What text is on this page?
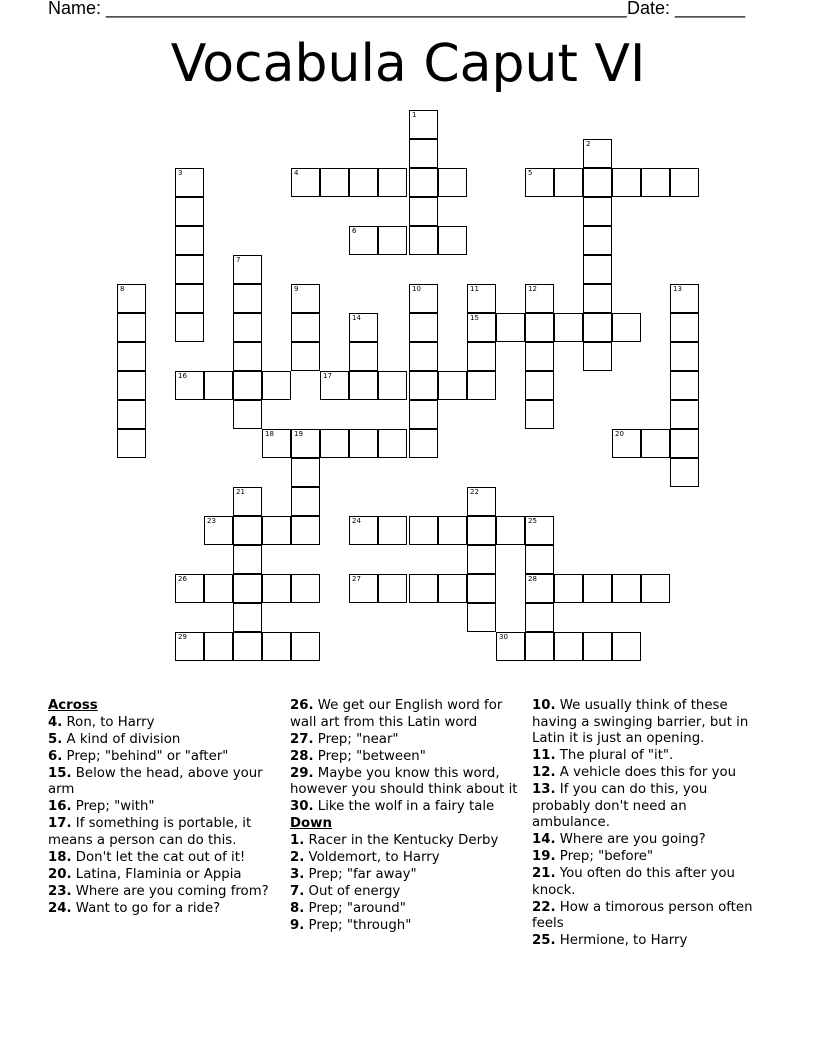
Name: ____________________________________________________ Date: _______
Vocabula Caput VI
1
2
3	4	5
6
7
8	9	10	11
15
12	13
14
16	17
18	19	20
21	22
23	24	25
28
26	27
29	30
Across
4. Ron, to Harry
5. A kind of division
6. Prep; "behind" or "after"
15. Below the head, above your arm
16. Prep; "with"
17. If something is portable, it means a person can do this.
18. Don't let the cat out of it!
20. Latina, Flaminia or Appia
23. Where are you coming from?
24. Want to go for a ride?
26. We get our English word for wall art from this Latin word
27. Prep; "near"
28. Prep; "between"
29. Maybe you know this word, however you should think about it
30. Like the wolf in a fairy tale
Down
1. Racer in the Kentucky Derby
2. Voldemort, to Harry
3. Prep; "far away"
7. Out of energy
8. Prep; "around"
9. Prep; "through"
10. We usually think of these having a swinging barrier, but in Latin it is just an opening.
11. The plural of "it".
12. A vehicle does this for you
13. If you can do this, you probably don't need an ambulance.
14. Where are you going?
19. Prep; "before"
21. You often do this after you knock.
22. How a timorous person often feels
25. Hermione, to Harry
